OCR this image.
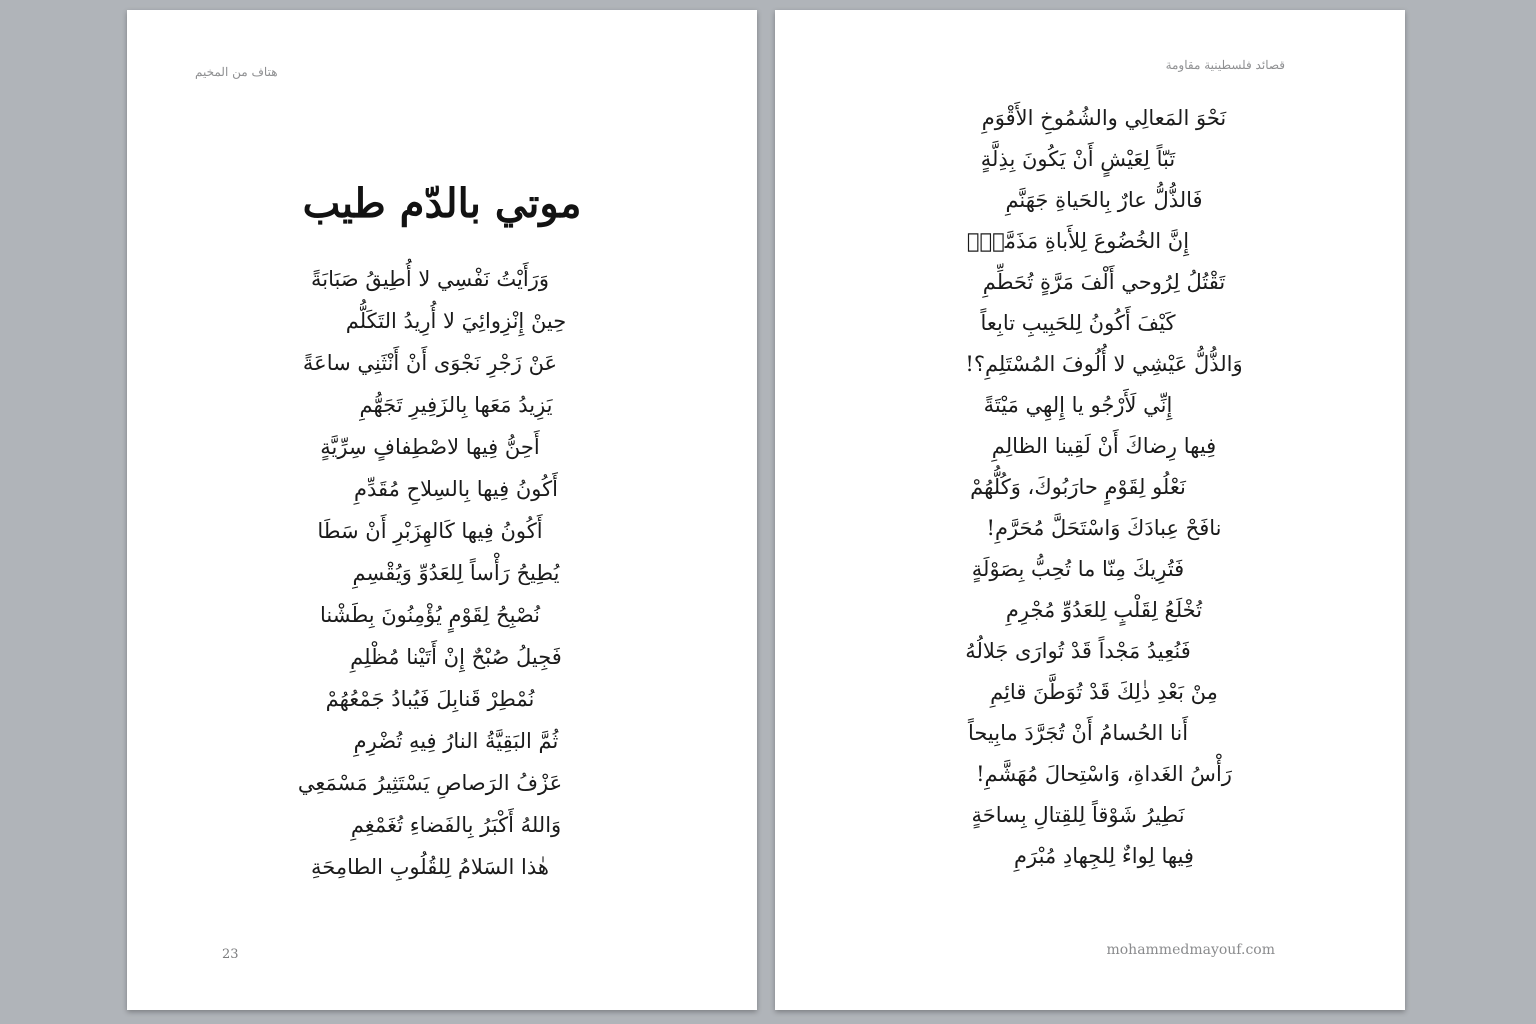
هتاف من المخيم
موتي بالدّم طيب
وَرَأَيْتُ نَفْسِي لا أُطِيقُ صَبَابَةً
حِينْ إِنْزِوائِيَ لا أُرِيدُ التَكَلُّم
عَنْ زَجْرِ نَجْوَى أَنْ أَنْثَنِي ساعَةً
يَزِيدُ مَعَها بِالزَفِيرِ تَجَهُّمِ
أَحِنُّ فِيها لاصْطِفافٍ سِرِّيَّةٍ
أَكُونُ فِيها بِالسِلاحِ مُقَدِّمِ
أَكُونُ فِيها كَالهِزَبْرِ أَنْ سَطَا
يُطِيحُ رَأْساً لِلعَدُوِّ وَيُقْسِمِ
نُصْبِحُ لِقَوْمٍ يُؤْمِنُونَ بِطَشْنا
فَجِيلُ صُبْحٌ إِنْ أَتَيْنا مُظْلِمِ
نُمْطِرْ قَنابِلَ فَيُبادُ جَمْعُهُمْ
ثُمَّ البَقِيَّةُ النارُ فِيهِ تُضْرِمِ
عَزْفُ الرَصاصِ يَسْتَثِيرُ مَسْمَعِي
وَاللهُ أَكْبَرُ بِالفَضاءِ تُغَمْغِمِ
هٰذا السَلامُ لِلقُلُوبِ الطامِحَةِ
23
قصائد فلسطينية مقاومة
نَحْوَ المَعالِي والشُمُوخِ الأَقْوَمِ
تَبّاً لِعَيْشٍ أَنْ يَكُونَ بِذِلَّةٍ
فَالذُّلُّ عارٌ بِالحَياةِ جَهَنَّمِ
إِنَّ الخُضُوعَ لِلأَباةِ مَذَمَّةٌۘ
تَقْتُلُ لِرُوحي أَلْفَ مَرَّةٍ تُحَطِّمِ
كَيْفَ أَكُونُ لِلحَبِيبِ تابِعاً
وَالذُّلُّ عَيْشِي لا أُلُوفَ المُسْتَلِمِ؟!
إِنِّي لَأَرْجُو يا إِلهِي مَيْتَةً
فِيها رِضاكَ أَنْ لَقِينا الظالِمِ
نَعْلُو لِقَوْمٍ حارَبُوكَ، وَكُلُّهُمْ
نافَحْ عِبادَكَ وَاسْتَحَلَّ مُحَرَّمِ!
فَتُرِيكَ مِنّا ما تُحِبُّ بِصَوْلَةٍ
تُخْلَعُ لِقَلْبٍ لِلعَدُوِّ مُجْرِمِ
فَنُعِيدُ مَجْداً قَدْ تُوارَى جَلالُهُ
مِنْ بَعْدِ ذٰلِكَ قَدْ تُوَطَّنَ قائِمِ
أَنا الحُسامُ أَنْ تُجَرَّدَ مابِيحاً
رَأْسُ الغَداةِ، وَاسْتِحالَ مُهَشَّمِ!
نَطِيرُ شَوْقاً لِلقِتالِ بِساحَةٍ
فِيها لِواءٌ لِلجِهادِ مُبْرَمِ
mohammedmayouf.com
